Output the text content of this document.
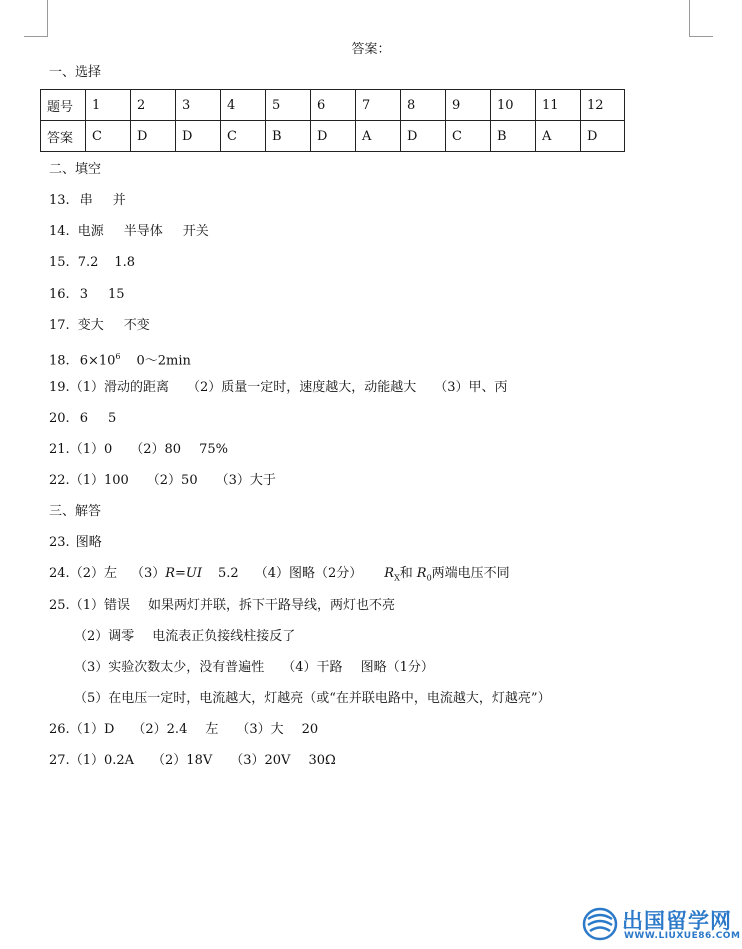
答案：
一、选择
题号	1	2	3	4	5	6	7	8	9	10	11	12
答案	C	D	D	C	B	D	A	D	C	B	A	D
二、填空
13. 串 并
14. 电源 半导体 开关
15. 7.2 1.8
16. 3 15
17. 变大 不变
18. $6\times 10^6$ 0～2min
19.（1）滑动的距离 （2）质量一定时，速度越大，动能越大 （3）甲、丙
20. 6 5
21.（1）0 （2）80 75%
22.（1）100 （2）50 （3）大于
三、解答
23. 图略
24.（2）左 （3）R=UI 5.2 （4）图略（2分） $R_X$和 $R_0$两端电压不同
25.（1）错误 如果两灯并联，拆下干路导线，两灯也不亮
（2）调零 电流表正负接线柱接反了
（3）实验次数太少，没有普遍性 （4）干路 图略（1分）
（5）在电压一定时，电流越大，灯越亮（或“在并联电路中，电流越大，灯越亮”）
26.（1）D （2）2.4 左 （3）大 20
27.（1）0.2A （2）18V （3）20V 30Ω
出国留学网
WWW.LIUXUE86.COM
